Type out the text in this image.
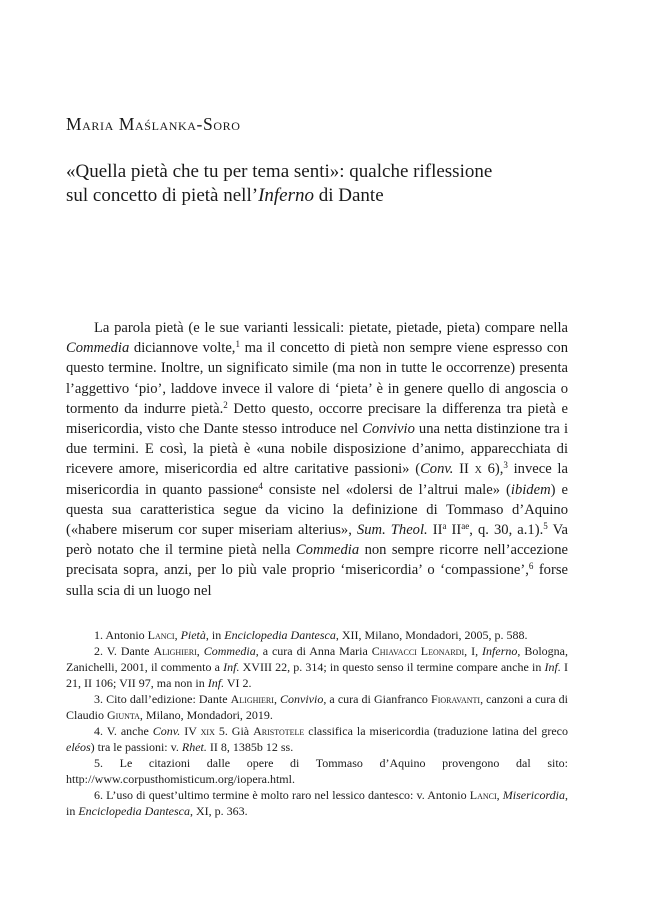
Maria Maślanka-Soro

«Quella pietà che tu per tema senti»: qualche riflessione

sul concetto di pietà nell’Inferno di Dante

La parola pietà (e le sue varianti lessicali: pietate, pietade, pieta) compare nella Commedia diciannove volte,$^1$ ma il concetto di pietà non sempre viene espresso con questo termine. Inoltre, un significato simile (ma non in tutte le occorrenze) presenta l’aggettivo ‘pio’, laddove invece il valore di ‘pieta’ è in genere quello di angoscia o tormento da indurre pietà.$^2$ Detto questo, occorre precisare la differenza tra pietà e misericordia, visto che Dante stesso introduce nel Convivio una netta distinzione tra i due termini. E così, la pietà è «una nobile disposizione d’animo, apparecchiata di ricevere amore, misericordia ed altre caritative passioni» (Conv. II x 6),$^3$ invece la misericordia in quanto passione$^4$ consiste nel «dolersi de l’altrui male» (ibidem) e questa sua caratteristica segue da vicino la definizione di Tommaso d’Aquino («habere miserum cor super miseriam alterius», Sum. Theol. $II^a$ $II^{ae}$, q. 30, a.1).$^5$ Va però notato che il termine pietà nella Commedia non sempre ricorre nell’accezione precisata sopra, anzi, per lo più vale proprio ‘misericordia’ o ‘compassione’,$^6$ forse sulla scia di un luogo nel

1. Antonio Lanci, Pietà, in Enciclopedia Dantesca, XII, Milano, Mondadori, 2005, p. 588.

2. V. Dante Alighieri, Commedia, a cura di Anna Maria Chiavacci Leonardi, I, Inferno, Bologna, Zanichelli, 2001, il commento a Inf. XVIII 22, p. 314; in questo senso il termine compare anche in Inf. I 21, II 106; VII 97, ma non in Inf. VI 2.

3. Cito dall’edizione: Dante Alighieri, Convivio, a cura di Gianfranco Fioravanti, canzoni a cura di Claudio Giunta, Milano, Mondadori, 2019.

4. V. anche Conv. IV xix 5. Già Aristotele classifica la misericordia (traduzione latina del greco eléos) tra le passioni: v. Rhet. II 8, 1385b 12 ss.

5. Le citazioni dalle opere di Tommaso d’Aquino provengono dal sito: http://www.corpusthomisticum.org/iopera.html.

6. L’uso di quest’ultimo termine è molto raro nel lessico dantesco: v. Antonio Lanci, Misericordia, in Enciclopedia Dantesca, XI, p. 363.
